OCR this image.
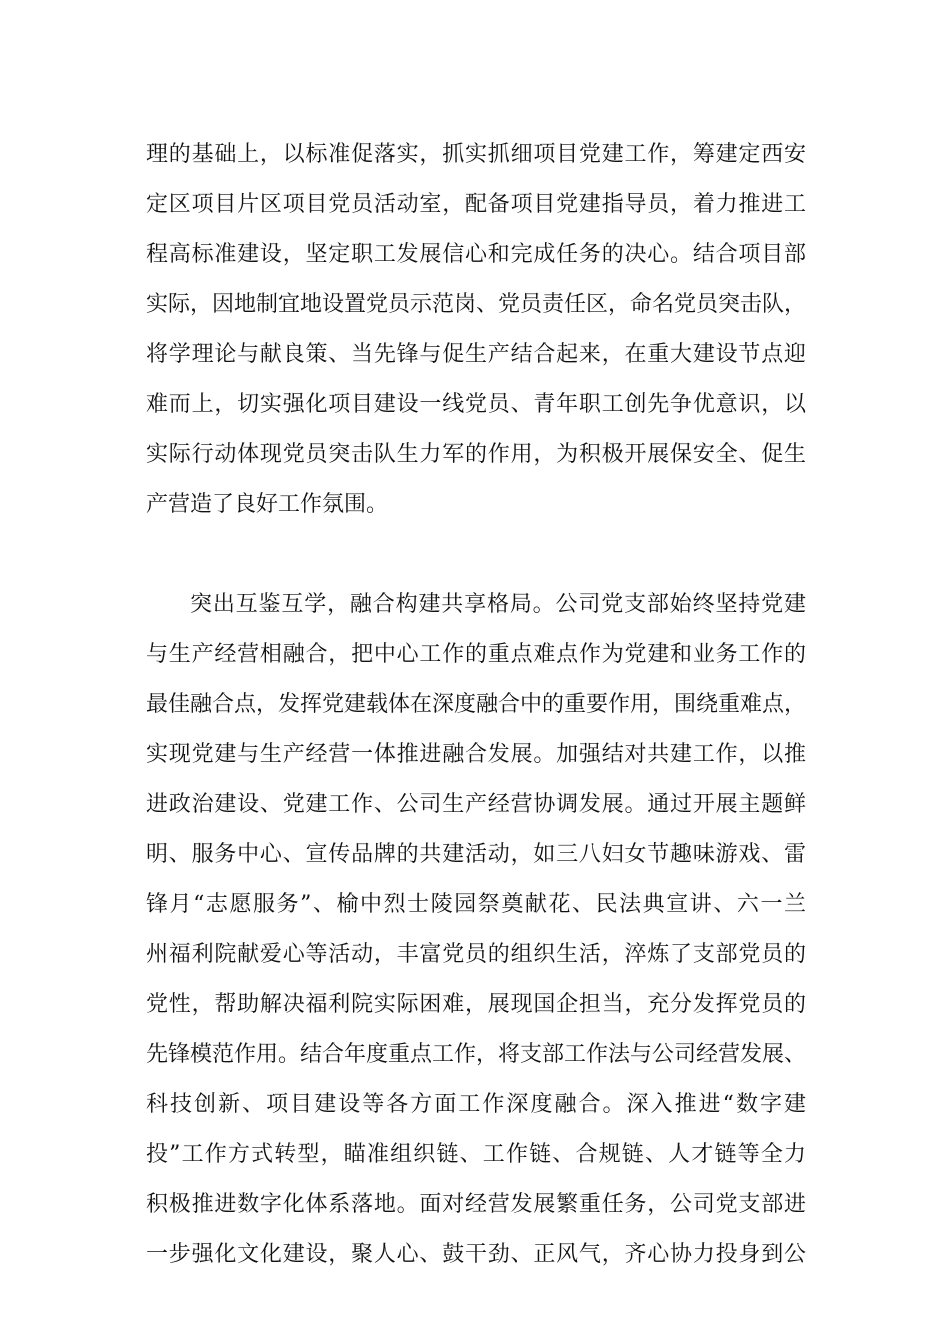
理的基础上，以标准促落实，抓实抓细项目党建工作，筹建定西安
定区项目片区项目党员活动室，配备项目党建指导员，着力推进工
程高标准建设，坚定职工发展信心和完成任务的决心。结合项目部
实际，因地制宜地设置党员示范岗、党员责任区，命名党员突击队，
将学理论与献良策、当先锋与促生产结合起来，在重大建设节点迎
难而上，切实强化项目建设一线党员、青年职工创先争优意识，以
实际行动体现党员突击队生力军的作用，为积极开展保安全、促生
产营造了良好工作氛围。
突出互鉴互学，融合构建共享格局。公司党支部始终坚持党建
与生产经营相融合，把中心工作的重点难点作为党建和业务工作的
最佳融合点，发挥党建载体在深度融合中的重要作用，围绕重难点，
实现党建与生产经营一体推进融合发展。加强结对共建工作，以推
进政治建设、党建工作、公司生产经营协调发展。通过开展主题鲜
明、服务中心、宣传品牌的共建活动，如三八妇女节趣味游戏、雷
锋月“志愿服务”、榆中烈士陵园祭奠献花、民法典宣讲、六一兰
州福利院献爱心等活动，丰富党员的组织生活，淬炼了支部党员的
党性，帮助解决福利院实际困难，展现国企担当，充分发挥党员的
先锋模范作用。结合年度重点工作，将支部工作法与公司经营发展、
科技创新、项目建设等各方面工作深度融合。深入推进“数字建
投”工作方式转型，瞄准组织链、工作链、合规链、人才链等全力
积极推进数字化体系落地。面对经营发展繁重任务，公司党支部进
一步强化文化建设，聚人心、鼓干劲、正风气，齐心协力投身到公
